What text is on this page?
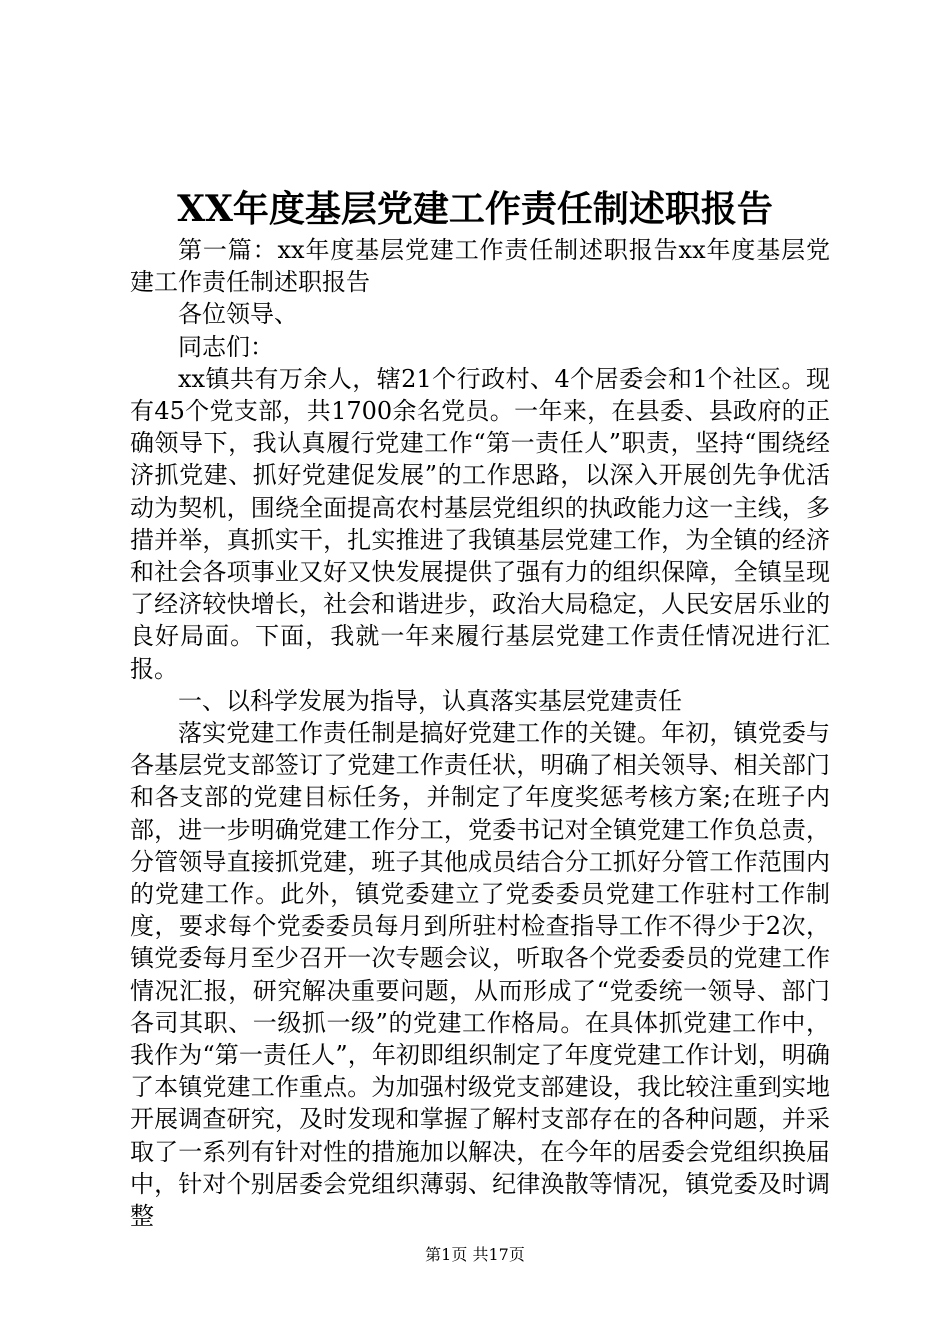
XX年度基层党建工作责任制述职报告

第一篇：xx年度基层党建工作责任制述职报告xx年度基层党建工作责任制述职报告

各位领导、

同志们：

xx镇共有万余人，辖21个行政村、4个居委会和1个社区。现有45个党支部，共1700余名党员。一年来，在县委、县政府的正确领导下，我认真履行党建工作“第一责任人”职责，坚持“围绕经济抓党建、抓好党建促发展”的工作思路，以深入开展创先争优活动为契机，围绕全面提高农村基层党组织的执政能力这一主线，多措并举，真抓实干，扎实推进了我镇基层党建工作，为全镇的经济和社会各项事业又好又快发展提供了强有力的组织保障，全镇呈现了经济较快增长，社会和谐进步，政治大局稳定，人民安居乐业的良好局面。下面，我就一年来履行基层党建工作责任情况进行汇报。

一、以科学发展为指导，认真落实基层党建责任

落实党建工作责任制是搞好党建工作的关键。年初，镇党委与各基层党支部签订了党建工作责任状，明确了相关领导、相关部门和各支部的党建目标任务，并制定了年度奖惩考核方案;在班子内部，进一步明确党建工作分工，党委书记对全镇党建工作负总责，分管领导直接抓党建，班子其他成员结合分工抓好分管工作范围内的党建工作。此外，镇党委建立了党委委员党建工作驻村工作制度，要求每个党委委员每月到所驻村检查指导工作不得少于2次，镇党委每月至少召开一次专题会议，听取各个党委委员的党建工作情况汇报，研究解决重要问题，从而形成了“党委统一领导、部门各司其职、一级抓一级”的党建工作格局。在具体抓党建工作中，我作为“第一责任人”，年初即组织制定了年度党建工作计划，明确了本镇党建工作重点。为加强村级党支部建设，我比较注重到实地开展调查研究，及时发现和掌握了解村支部存在的各种问题，并采取了一系列有针对性的措施加以解决，在今年的居委会党组织换届中，针对个别居委会党组织薄弱、纪律涣散等情况，镇党委及时调整

第1页 共17页
